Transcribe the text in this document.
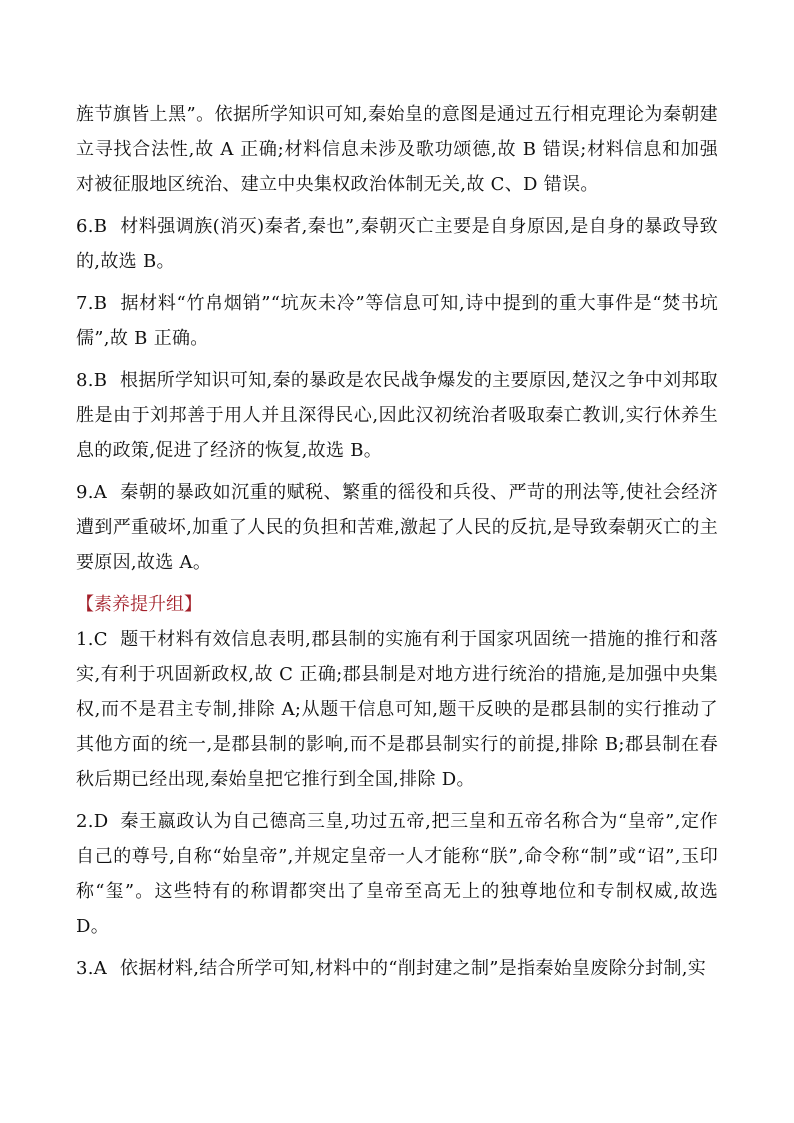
旌节旗皆上黑”。依据所学知识可知,秦始皇的意图是通过五行相克理论为秦朝建立寻找合法性,故 A 正确;材料信息未涉及歌功颂德,故 B 错误;材料信息和加强对被征服地区统治、建立中央集权政治体制无关,故 C、D 错误。

6.B 材料强调族(消灭)秦者,秦也”,秦朝灭亡主要是自身原因,是自身的暴政导致的,故选 B。

7.B 据材料“竹帛烟销”“坑灰未冷”等信息可知,诗中提到的重大事件是“焚书坑儒”,故 B 正确。

8.B 根据所学知识可知,秦的暴政是农民战争爆发的主要原因,楚汉之争中刘邦取胜是由于刘邦善于用人并且深得民心,因此汉初统治者吸取秦亡教训,实行休养生息的政策,促进了经济的恢复,故选 B。

9.A 秦朝的暴政如沉重的赋税、繁重的徭役和兵役、严苛的刑法等,使社会经济遭到严重破坏,加重了人民的负担和苦难,激起了人民的反抗,是导致秦朝灭亡的主要原因,故选 A。

【素养提升组】

1.C 题干材料有效信息表明,郡县制的实施有利于国家巩固统一措施的推行和落实,有利于巩固新政权,故 C 正确;郡县制是对地方进行统治的措施,是加强中央集权,而不是君主专制,排除 A;从题干信息可知,题干反映的是郡县制的实行推动了其他方面的统一,是郡县制的影响,而不是郡县制实行的前提,排除 B;郡县制在春秋后期已经出现,秦始皇把它推行到全国,排除 D。

2.D 秦王嬴政认为自己德高三皇,功过五帝,把三皇和五帝名称合为“皇帝”,定作自己的尊号,自称“始皇帝”,并规定皇帝一人才能称“朕”,命令称“制”或“诏”,玉印称“玺”。这些特有的称谓都突出了皇帝至高无上的独尊地位和专制权威,故选 D。

3.A 依据材料,结合所学可知,材料中的“削封建之制”是指秦始皇废除分封制,实
